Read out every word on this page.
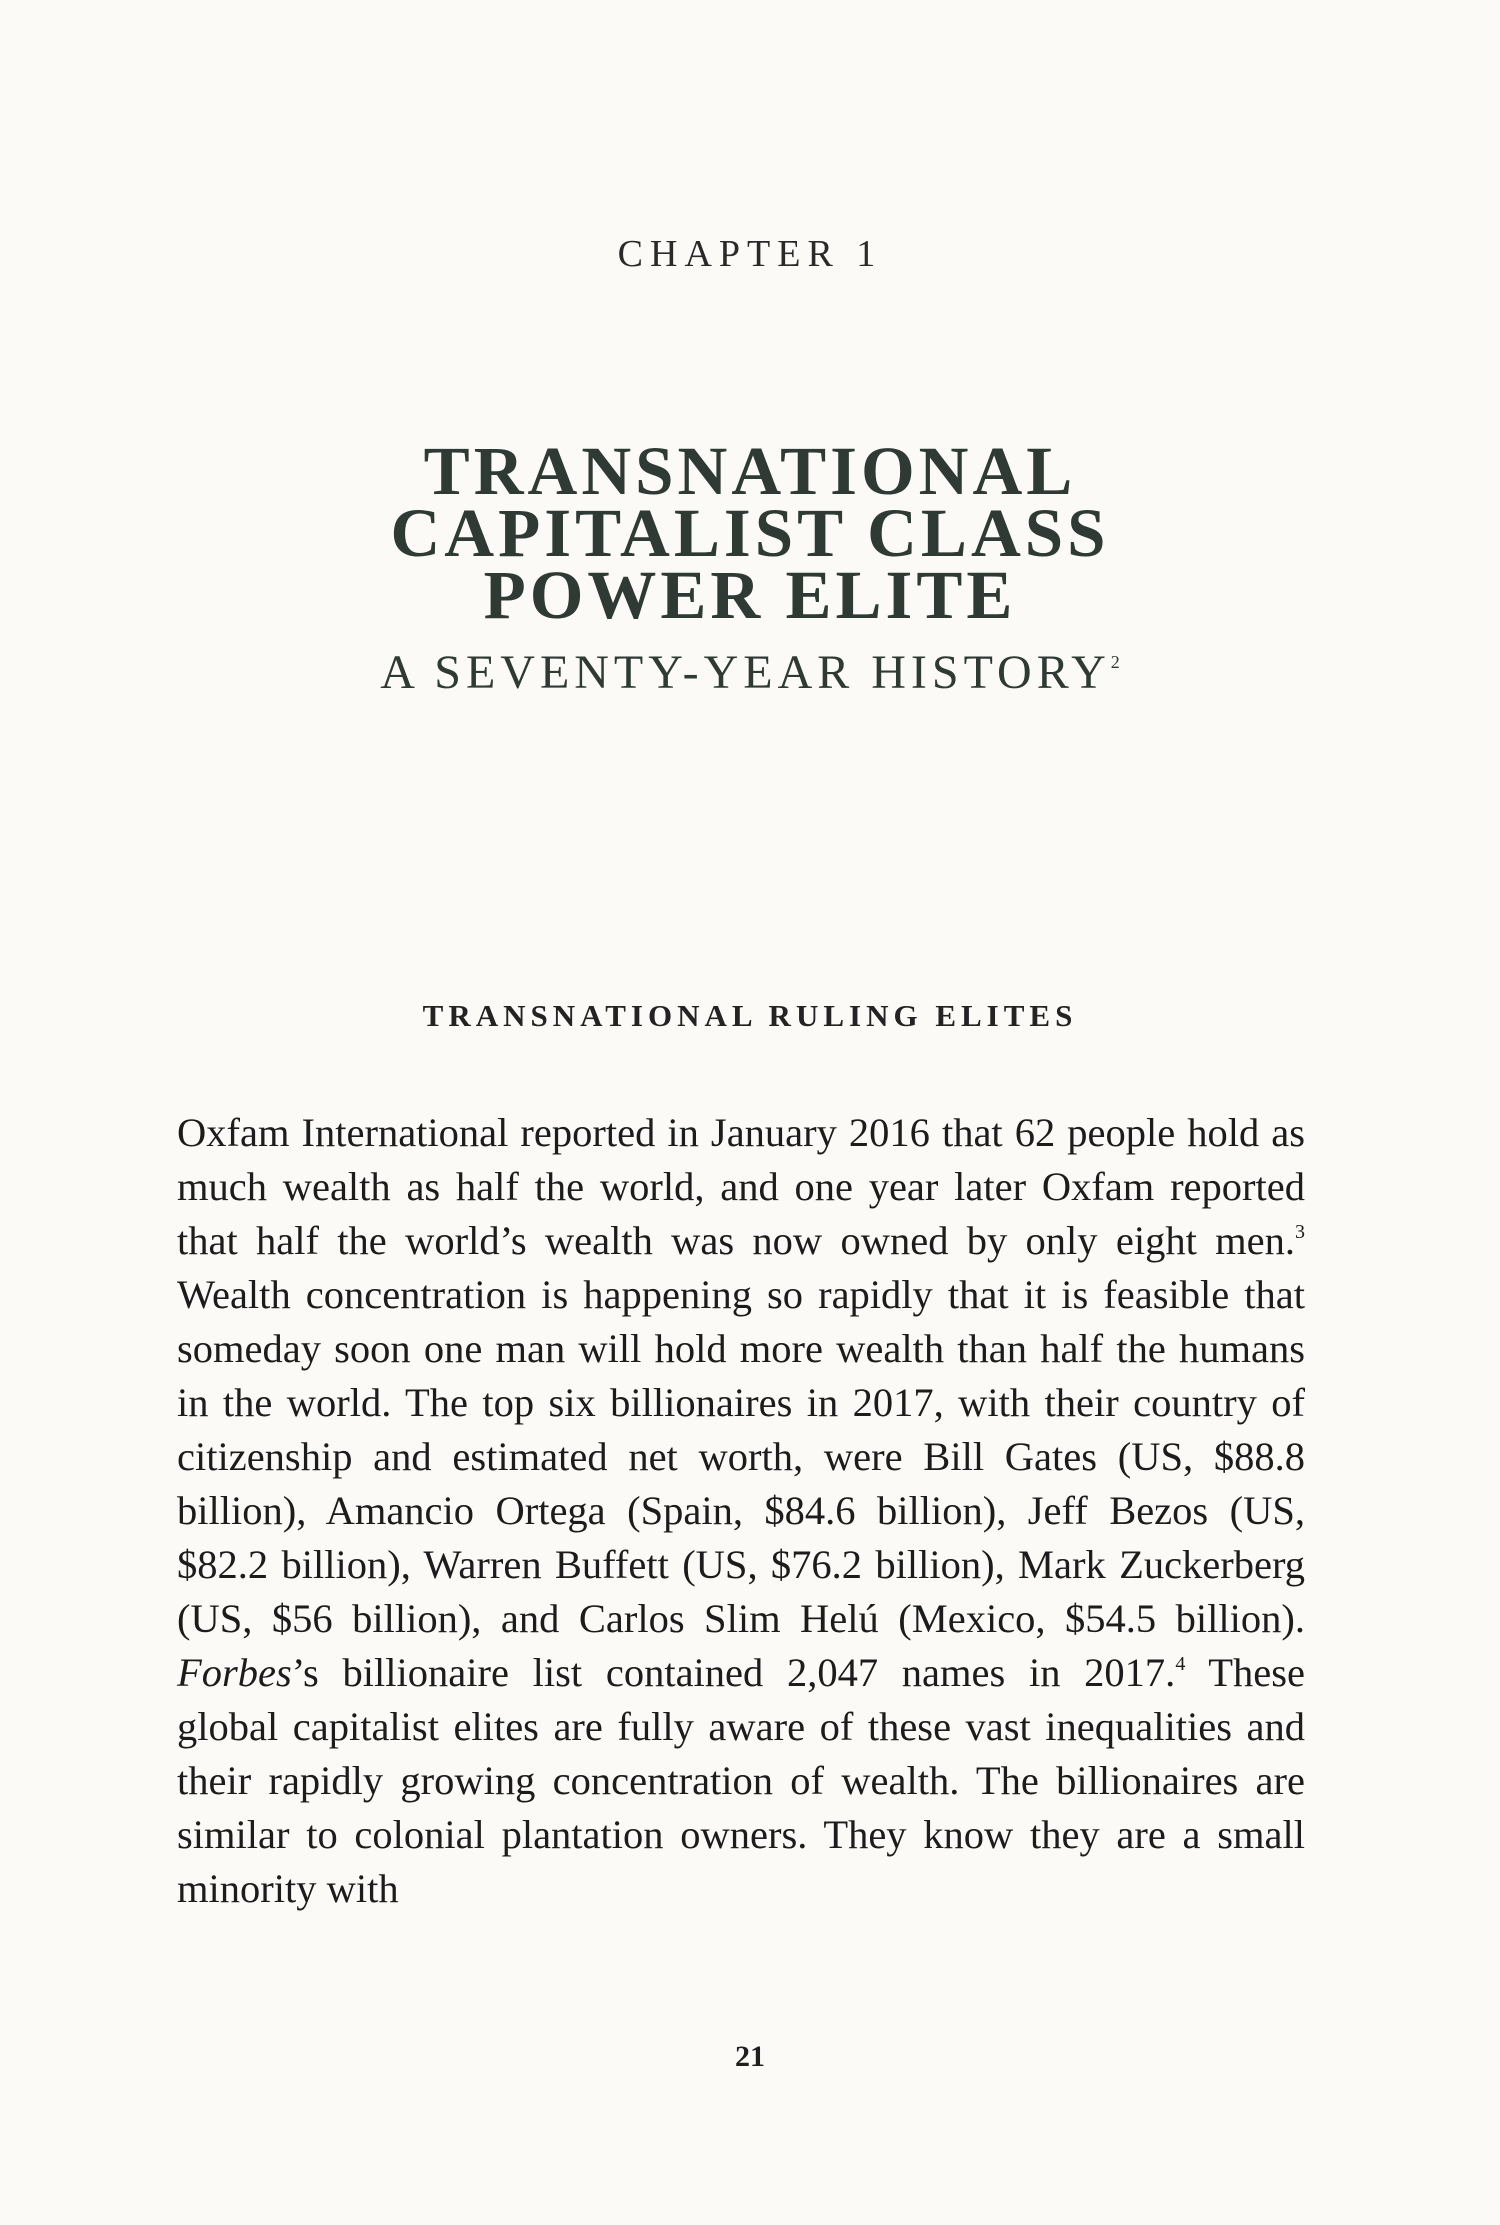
CHAPTER 1
TRANSNATIONAL
CAPITALIST CLASS
POWER ELITE
A SEVENTY-YEAR HISTORY$^2$
TRANSNATIONAL RULING ELITES

Oxfam International reported in January 2016 that 62 people hold as much wealth as half the world, and one year later Oxfam reported that half the world’s wealth was now owned by only eight men.$^3$ Wealth concentration is happening so rapidly that it is feasible that someday soon one man will hold more wealth than half the humans in the world. The top six billionaires in 2017, with their country of citizenship and estimated net worth, were Bill Gates (US, $88.8 billion), Amancio Ortega (Spain, $84.6 billion), Jeff Bezos (US, $82.2 billion), Warren Buffett (US, $76.2 billion), Mark Zuckerberg (US, $56 billion), and Carlos Slim Helú (Mexico, $54.5 billion). Forbes’s billionaire list contained 2,047 names in 2017.$^4$ These global capitalist elites are fully aware of these vast inequalities and their rapidly growing concentration of wealth. The billionaires are similar to colonial plantation owners. They know they are a small minority with

21
